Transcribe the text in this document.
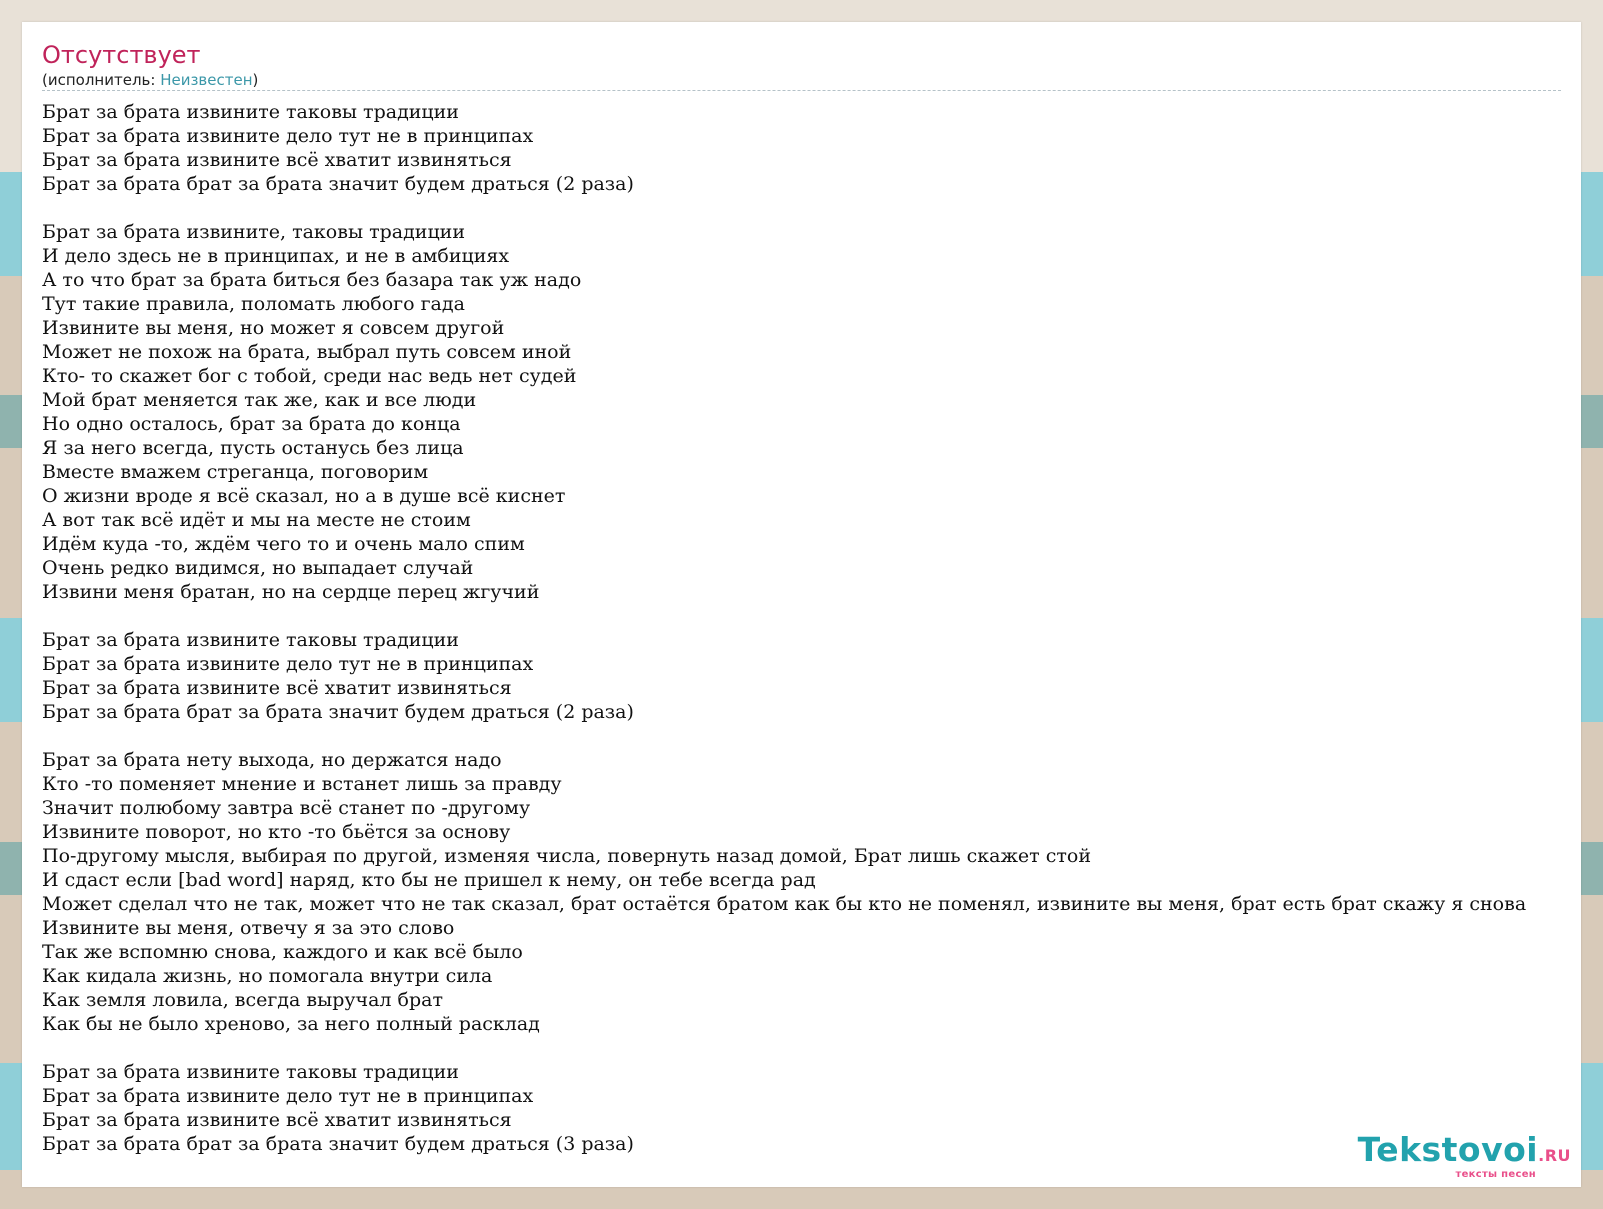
Отсутствует
(исполнитель: Неизвестен)
Брат за брата извините таковы традиции
Брат за брата извините дело тут не в принципах
Брат за брата извините всё хватит извиняться
Брат за брата брат за брата значит будем драться (2 раза)
Брат за брата извините, таковы традиции
И дело здесь не в принципах, и не в амбициях
А то что брат за брата биться без базара так уж надо
Тут такие правила, поломать любого гада
Извините вы меня, но может я совсем другой
Может не похож на брата, выбрал путь совсем иной
Кто- то скажет бог с тобой, среди нас ведь нет судей
Мой брат меняется так же, как и все люди
Но одно осталось, брат за брата до конца
Я за него всегда, пусть останусь без лица
Вместе вмажем стреганца, поговорим
О жизни вроде я всё сказал, но а в душе всё киснет
А вот так всё идёт и мы на месте не стоим
Идём куда -то, ждём чего то и очень мало спим
Очень редко видимся, но выпадает случай
Извини меня братан, но на сердце перец жгучий
Брат за брата извините таковы традиции
Брат за брата извините дело тут не в принципах
Брат за брата извините всё хватит извиняться
Брат за брата брат за брата значит будем драться (2 раза)
Брат за брата нету выхода, но держатся надо
Кто -то поменяет мнение и встанет лишь за правду
Значит полюбому завтра всё станет по -другому
Извините поворот, но кто -то бьётся за основу
По-другому мысля, выбирая по другой, изменяя числа, повернуть назад домой, Брат лишь скажет стой
И сдаст если [bad word] наряд, кто бы не пришел к нему, он тебе всегда рад
Может сделал что не так, может что не так сказал, брат остаётся братом как бы кто не поменял, извините вы меня, брат есть брат скажу я снова
Извините вы меня, отвечу я за это слово
Так же вспомню снова, каждого и как всё было
Как кидала жизнь, но помогала внутри сила
Как земля ловила, всегда выручал брат
Как бы не было хреново, за него полный расклад
Брат за брата извините таковы традиции
Брат за брата извините дело тут не в принципах
Брат за брата извините всё хватит извиняться
Брат за брата брат за брата значит будем драться (3 раза)	Tekstovoi.RU
тексты песен
